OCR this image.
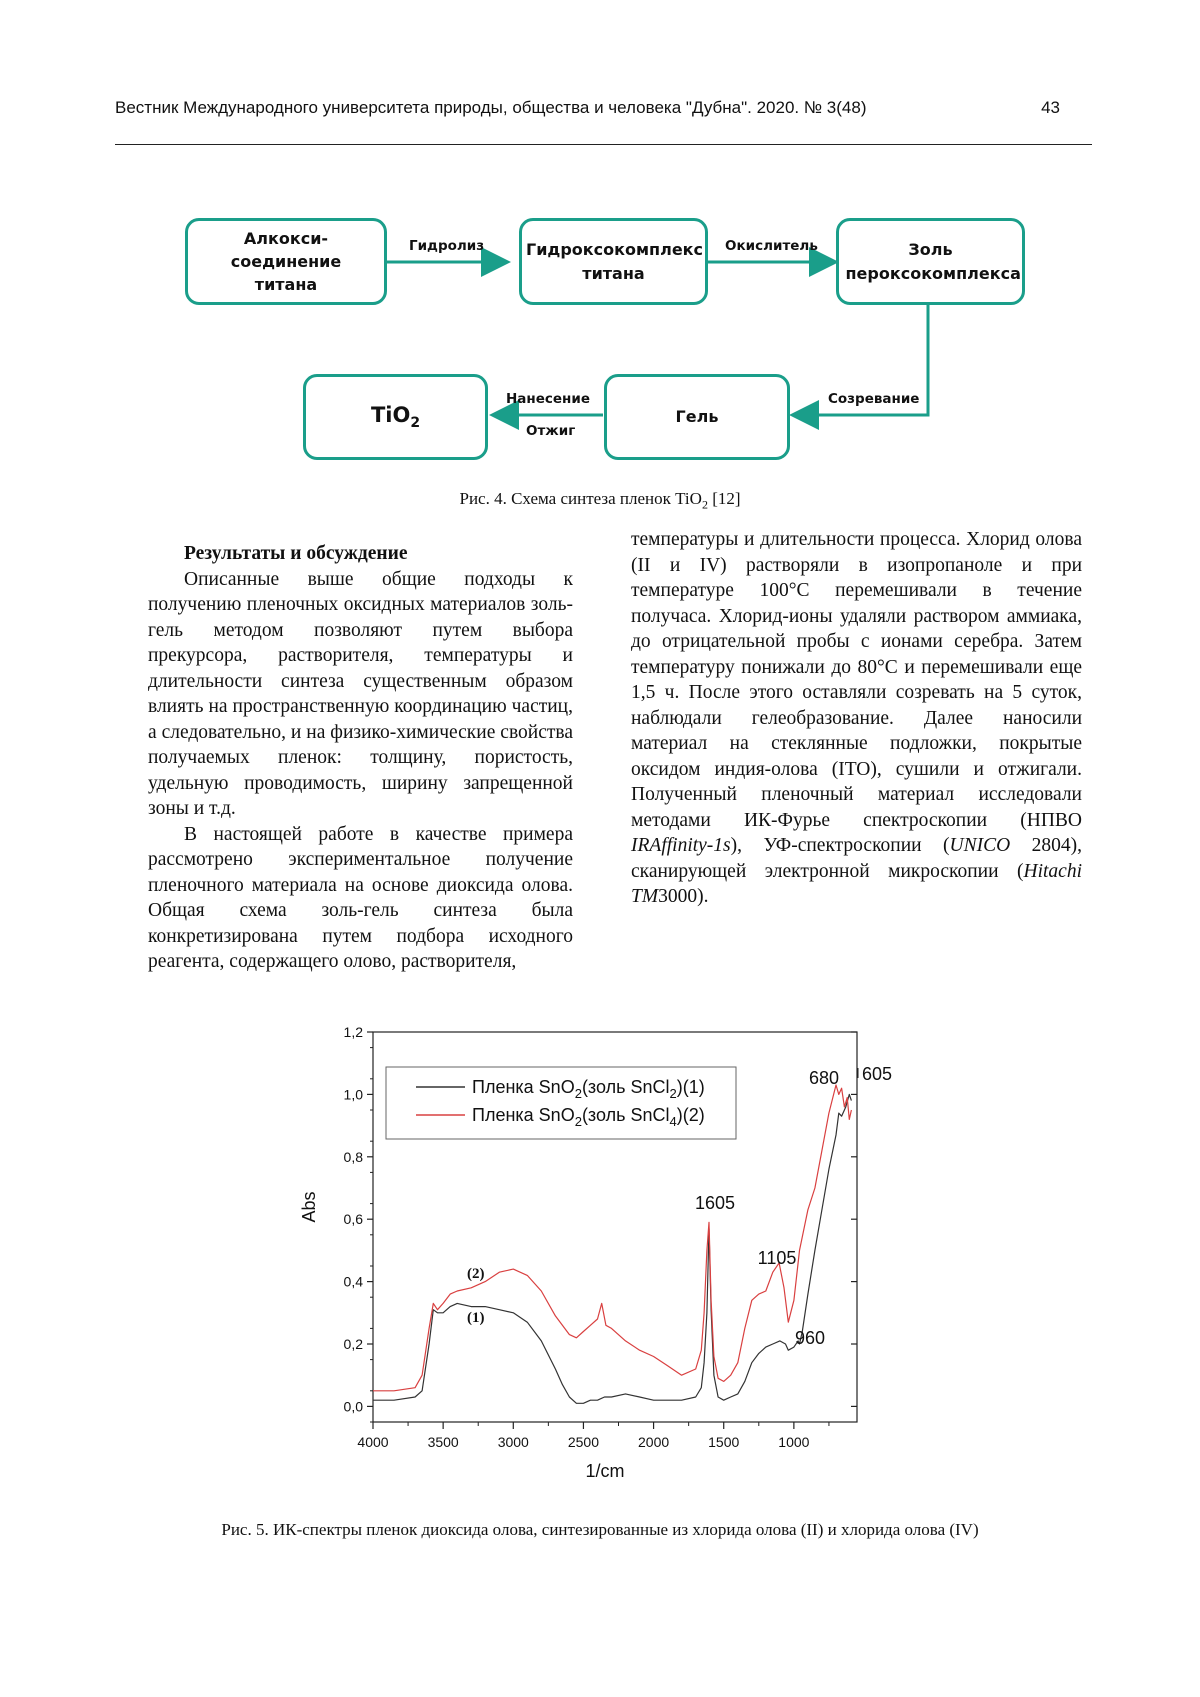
Вестник Международного университета природы, общества и человека "Дубна". 2020. № 3(48)	43
Алкокси-соединение титана
Гидроксокомплекс титана
Золь пероксокомплекса
TiO$_2$	Гель
Гидролиз	Окислитель
Созревание
Нанесение
Отжиг
Рис. 4. Схема синтеза пленок TiO$_2$ [12]
Результаты и обсуждение

Описанные выше общие подходы к получению пленочных оксидных материалов золь-гель методом позволяют путем выбора прекурсора, растворителя, температуры и длительности синтеза существенным образом влиять на пространственную координацию частиц, а следовательно, и на физико-химические свойства получаемых пленок: толщину, пористость, удельную проводимость, ширину запрещенной зоны и т.д.

В настоящей работе в качестве примера рассмотрено экспериментальное получение пленочного материала на основе диоксида олова. Общая схема золь-гель синтеза была конкретизирована путем подбора исходного реагента, содержащего олово, растворителя,

температуры и длительности процесса. Хлорид олова (II и IV) растворяли в изопропаноле и при температуре 100°С перемешивали в течение получаса. Хлорид-ионы удаляли раствором аммиака, до отрицательной пробы с ионами серебра. Затем температуру понижали до 80°С и перемешивали еще 1,5 ч. После этого оставляли созревать на 5 суток, наблюдали гелеобразование. Далее наносили материал на стеклянные подложки, покрытые оксидом индия-олова (ITO), сушили и отжигали. Полученный пленочный материал исследовали методами ИК-Фурье спектроскопии (НПВО IRAffinity-1s), УФ-спектроскопии (UNICO 2804), сканирующей электронной микроскопии (Hitachi TM3000).

0,0
0,2
0,4
0,6
0,8
1,0
1,2
4000	3500	3000	2500	2000	1500	1000
1/cm
Abs
Пленка SnO$_2$(золь SnCl$_2$)(1)
Пленка SnO$_2$(золь SnCl$_4$)(2)
680 605
1605
1105
960
(2)
(1)
Рис. 5. ИК-спектры пленок диоксида олова, синтезированные из хлорида олова (II) и хлорида олова (IV)
